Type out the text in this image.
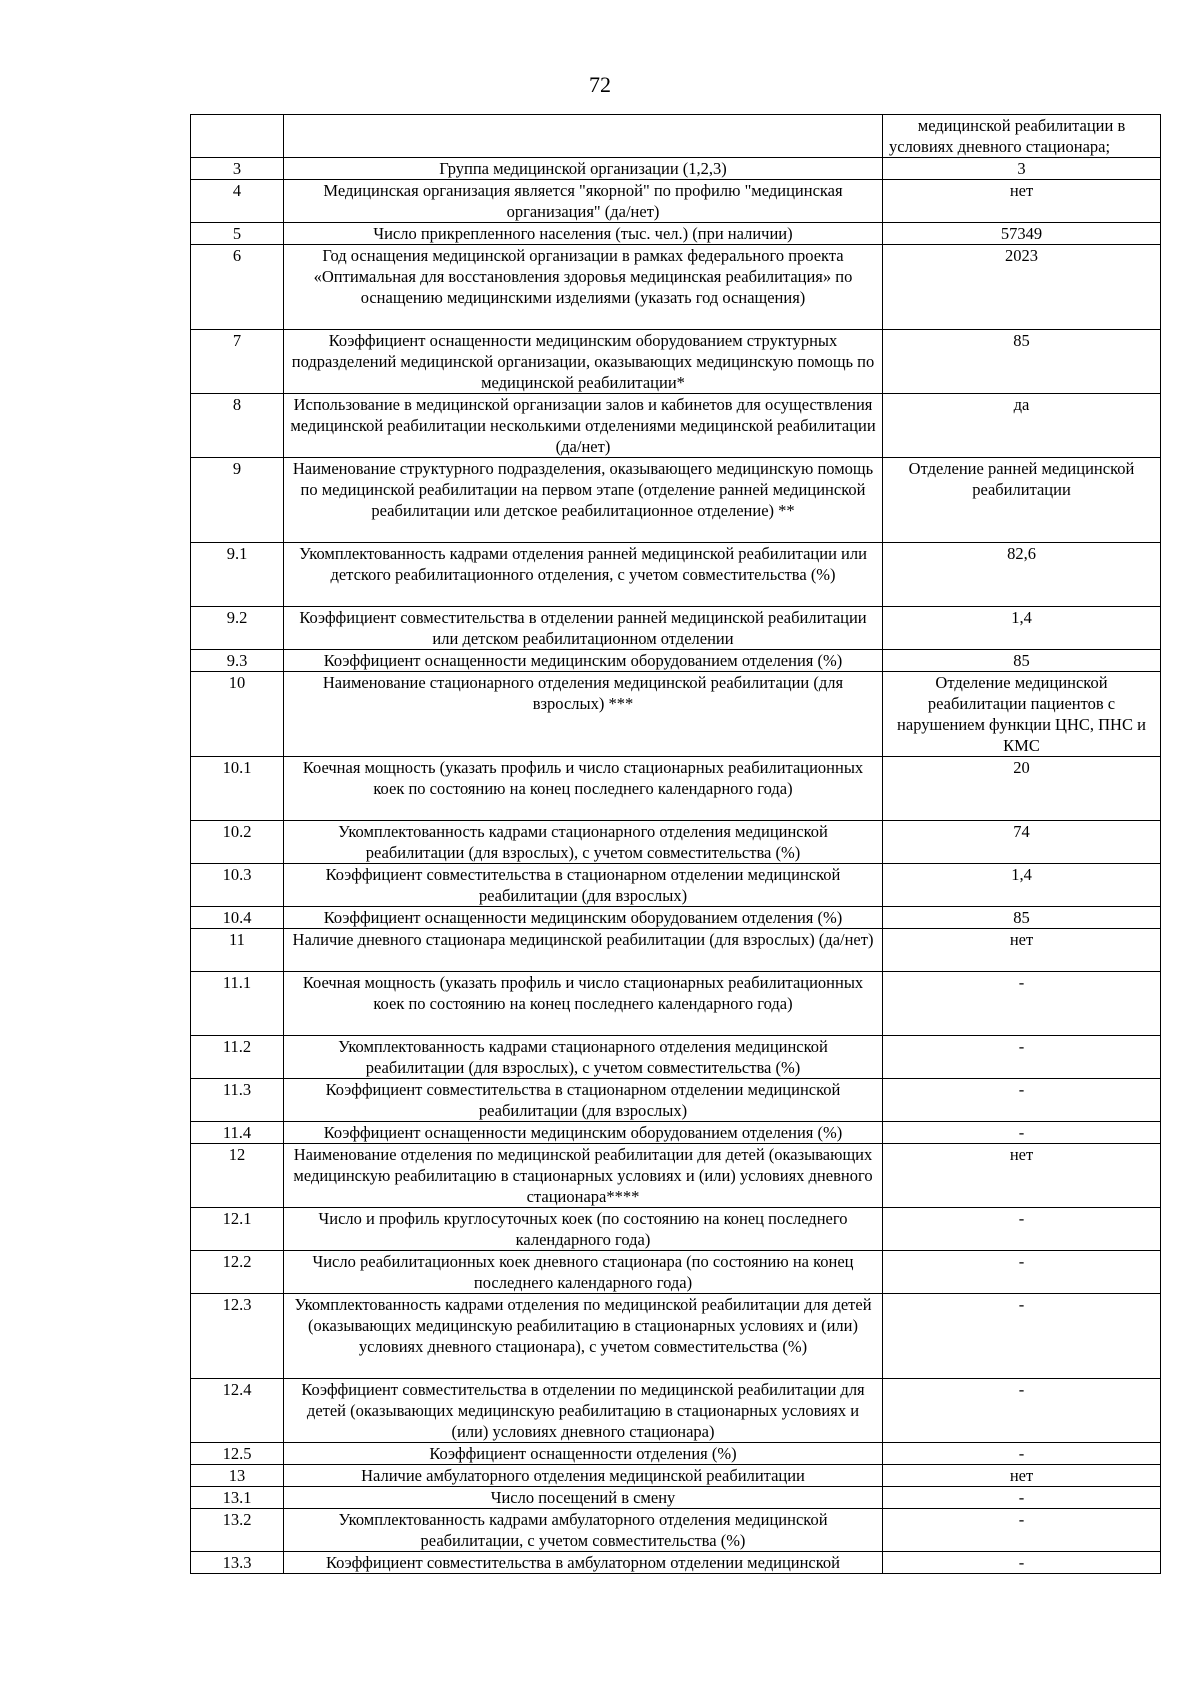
72
		медицинской реабилитации в условиях дневного стационара;
3	Группа медицинской организации (1,2,3)	3
4	Медицинская организация является "якорной" по профилю "медицинская организация" (да/нет)	нет
5	Число прикрепленного населения (тыс. чел.) (при наличии)	57349
6	Год оснащения медицинской организации в рамках федерального проекта «Оптимальная для восстановления здоровья медицинская реабилитация» по оснащению медицинскими изделиями (указать год оснащения)	2023
7	Коэффициент оснащенности медицинским оборудованием структурных подразделений медицинской организации, оказывающих медицинскую помощь по медицинской реабилитации*	85
8	Использование в медицинской организации залов и кабинетов для осуществления медицинской реабилитации несколькими отделениями медицинской реабилитации (да/нет)	да
9	Наименование структурного подразделения, оказывающего медицинскую помощь по медицинской реабилитации на первом этапе (отделение ранней медицинской реабилитации или детское реабилитационное отделение) **	Отделение ранней медицинской реабилитации
9.1	Укомплектованность кадрами отделения ранней медицинской реабилитации или детского реабилитационного отделения, с учетом совместительства (%)	82,6
9.2	Коэффициент совместительства в отделении ранней медицинской реабилитации или детском реабилитационном отделении	1,4
9.3	Коэффициент оснащенности медицинским оборудованием отделения (%)	85
10	Наименование стационарного отделения медицинской реабилитации (для взрослых) ***	Отделение медицинской реабилитации пациентов с нарушением функции ЦНС, ПНС и КМС
10.1	Коечная мощность (указать профиль и число стационарных реабилитационных коек по состоянию на конец последнего календарного года)	20
10.2	Укомплектованность кадрами стационарного отделения медицинской реабилитации (для взрослых), с учетом совместительства (%)	74
10.3	Коэффициент совместительства в стационарном отделении медицинской реабилитации (для взрослых)	1,4
10.4	Коэффициент оснащенности медицинским оборудованием отделения (%)	85
11	Наличие дневного стационара медицинской реабилитации (для взрослых) (да/нет)	нет
11.1	Коечная мощность (указать профиль и число стационарных реабилитационных коек по состоянию на конец последнего календарного года)	-
11.2	Укомплектованность кадрами стационарного отделения медицинской реабилитации (для взрослых), с учетом совместительства (%)	-
11.3	Коэффициент совместительства в стационарном отделении медицинской реабилитации (для взрослых)	-
11.4	Коэффициент оснащенности медицинским оборудованием отделения (%)	-
12	Наименование отделения по медицинской реабилитации для детей (оказывающих медицинскую реабилитацию в стационарных условиях и (или) условиях дневного стационара****	нет
12.1	Число и профиль круглосуточных коек (по состоянию на конец последнего календарного года)	-
12.2	Число реабилитационных коек дневного стационара (по состоянию на конец последнего календарного года)	-
12.3	Укомплектованность кадрами отделения по медицинской реабилитации для детей (оказывающих медицинскую реабилитацию в стационарных условиях и (или) условиях дневного стационара), с учетом совместительства (%)	-
12.4	Коэффициент совместительства в отделении по медицинской реабилитации для детей (оказывающих медицинскую реабилитацию в стационарных условиях и (или) условиях дневного стационара)	-
12.5	Коэффициент оснащенности отделения (%)	-
13	Наличие амбулаторного отделения медицинской реабилитации	нет
13.1	Число посещений в смену	-
13.2	Укомплектованность кадрами амбулаторного отделения медицинской реабилитации, с учетом совместительства (%)	-
13.3	Коэффициент совместительства в амбулаторном отделении медицинской	-
